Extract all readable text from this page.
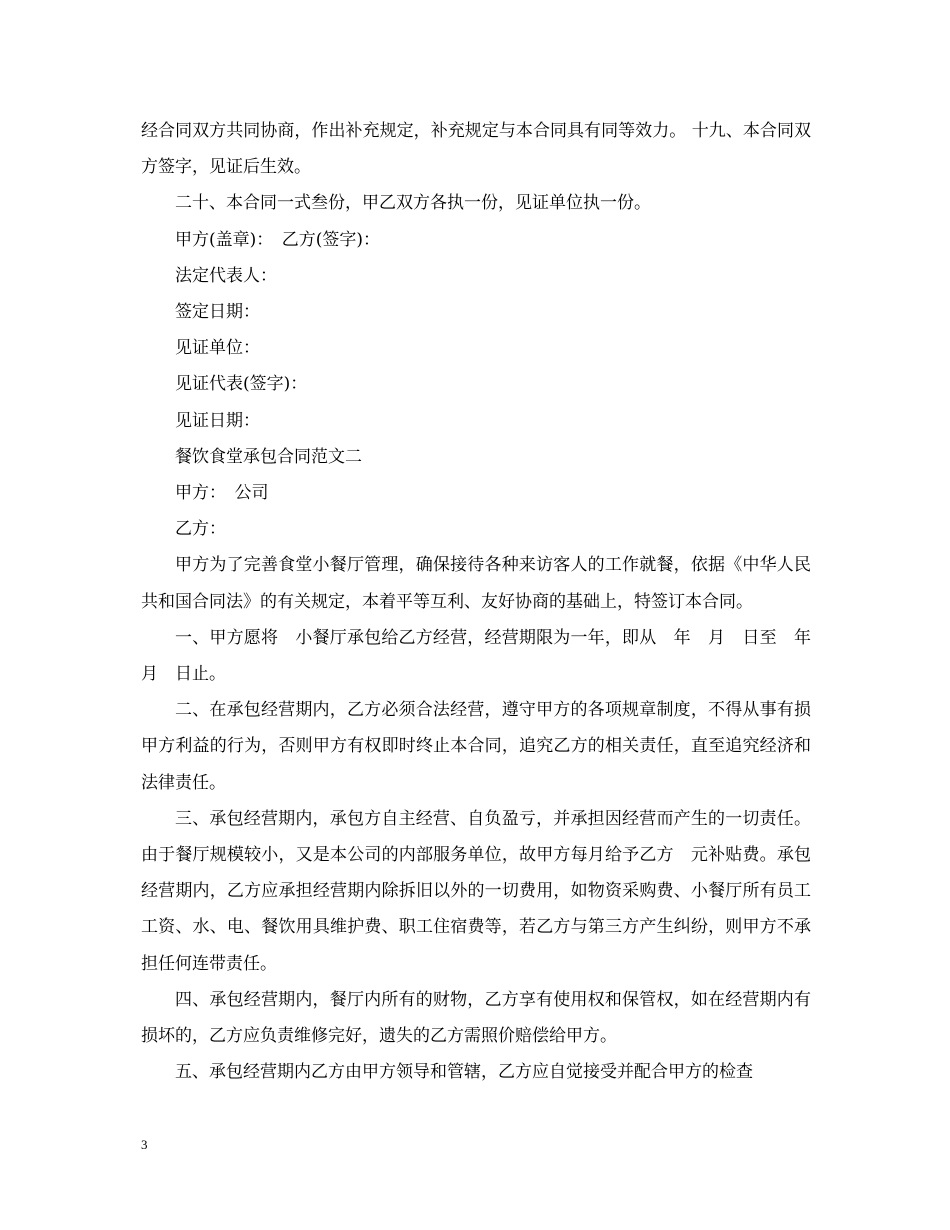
经合同双方共同协商，作出补充规定，补充规定与本合同具有同等效力。 十九、本合同双方签字，见证后生效。

二十、本合同一式叁份，甲乙双方各执一份，见证单位执一份。

甲方(盖章)：　乙方(签字)：

法定代表人：

签定日期：

见证单位：

见证代表(签字)：

见证日期：

餐饮食堂承包合同范文二

甲方：　公司

乙方：

甲方为了完善食堂小餐厅管理，确保接待各种来访客人的工作就餐，依据《中华人民共和国合同法》的有关规定，本着平等互利、友好协商的基础上，特签订本合同。

一、甲方愿将　小餐厅承包给乙方经营，经营期限为一年，即从　年　月　日至　年　月　日止。

二、在承包经营期内，乙方必须合法经营，遵守甲方的各项规章制度，不得从事有损甲方利益的行为，否则甲方有权即时终止本合同，追究乙方的相关责任，直至追究经济和法律责任。

三、承包经营期内，承包方自主经营、自负盈亏，并承担因经营而产生的一切责任。由于餐厅规模较小，又是本公司的内部服务单位，故甲方每月给予乙方　元补贴费。承包经营期内，乙方应承担经营期内除拆旧以外的一切费用，如物资采购费、小餐厅所有员工工资、水、电、餐饮用具维护费、职工住宿费等，若乙方与第三方产生纠纷，则甲方不承担任何连带责任。

四、承包经营期内，餐厅内所有的财物，乙方享有使用权和保管权，如在经营期内有损坏的，乙方应负责维修完好，遗失的乙方需照价赔偿给甲方。

五、承包经营期内乙方由甲方领导和管辖，乙方应自觉接受并配合甲方的检查

3
